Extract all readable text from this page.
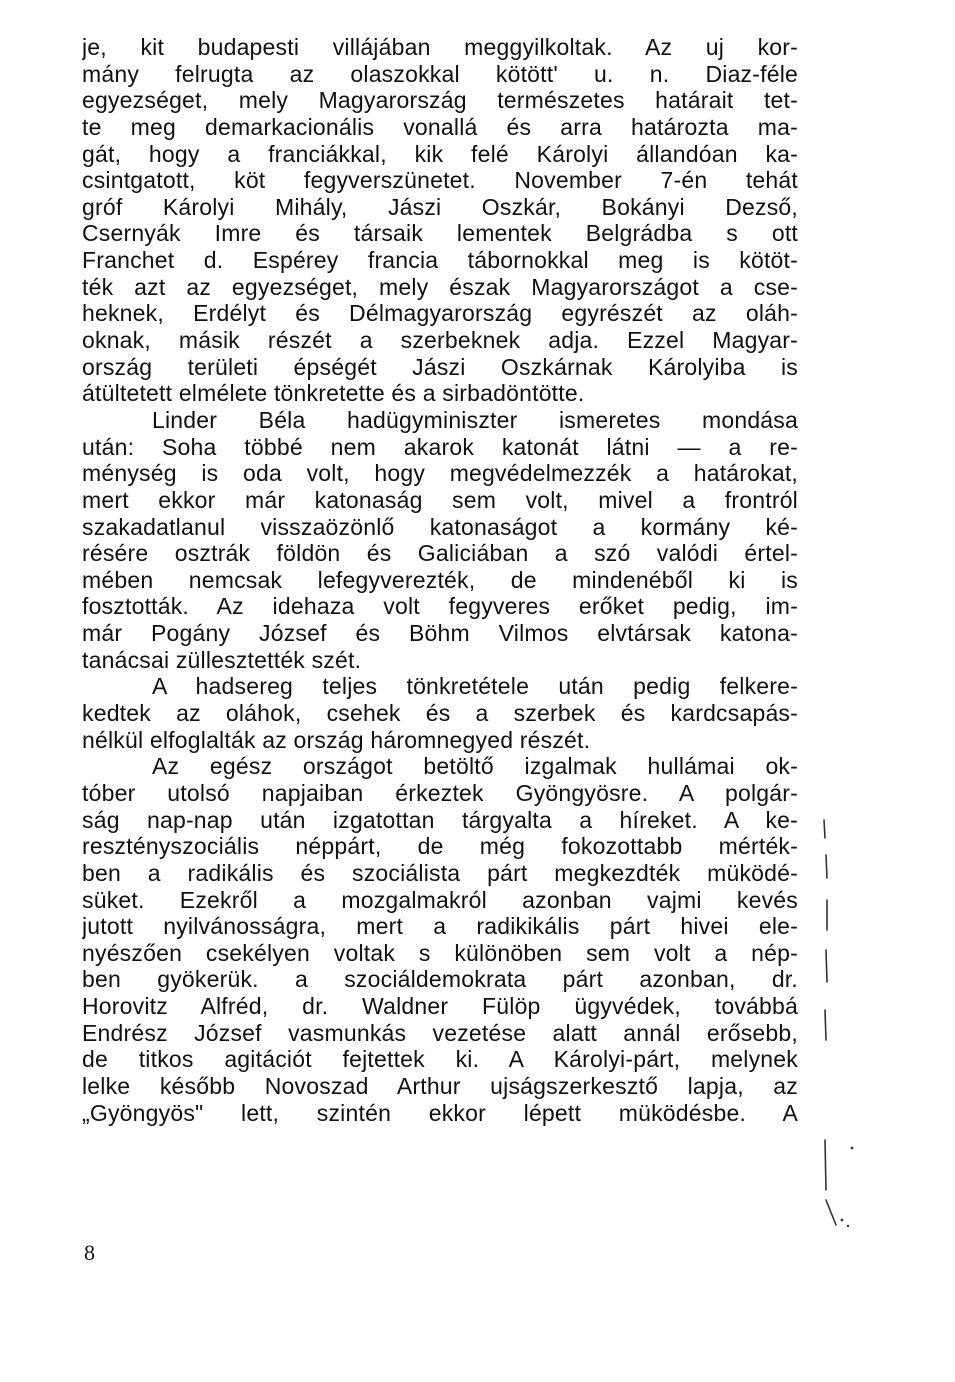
je, kit budapesti villájában meggyilkoltak. Az uj kor-
mány felrugta az olaszokkal kötött' u. n. Diaz-féle
egyezséget, mely Magyarország természetes határait tet-
te meg demarkacionális vonallá és arra határozta ma-
gát, hogy a franciákkal, kik felé Károlyi állandóan ka-
csintgatott, köt fegyverszünetet. November 7-én tehát
gróf Károlyi Mihály, Jászi Oszkár, Bokányi Dezső,
Csernyák Imre és társaik lementek Belgrádba s ott
Franchet d. Espérey francia tábornokkal meg is kötöt-
ték azt az egyezséget, mely észak Magyarországot a cse-
heknek, Erdélyt és Délmagyarország egyrészét az oláh-
oknak, másik részét a szerbeknek adja. Ezzel Magyar-
ország területi épségét Jászi Oszkárnak Károlyiba is
átültetett elmélete tönkretette és a sirbadöntötte.
Linder Béla hadügyminiszter ismeretes mondása
után: Soha többé nem akarok katonát látni — a re-
ménység is oda volt, hogy megvédelmezzék a határokat,
mert ekkor már katonaság sem volt, mivel a frontról
szakadatlanul visszaözönlő katonaságot a kormány ké-
résére osztrák földön és Galiciában a szó valódi értel-
mében nemcsak lefegyverezték, de mindenéből ki is
fosztották. Az idehaza volt fegyveres erőket pedig, im-
már Pogány József és Böhm Vilmos elvtársak katona-
tanácsai züllesztették szét.
A hadsereg teljes tönkretétele után pedig felkere-
kedtek az oláhok, csehek és a szerbek és kardcsapás-
nélkül elfoglalták az ország háromnegyed részét.
Az egész országot betöltő izgalmak hullámai ok-
tóber utolsó napjaiban érkeztek Gyöngyösre. A polgár-
ság nap-nap után izgatottan tárgyalta a híreket. A ke-
resztényszociális néppárt, de még fokozottabb mérték-
ben a radikális és szociálista párt megkezdték müködé-
süket. Ezekről a mozgalmakról azonban vajmi kevés
jutott nyilvánosságra, mert a radikikális párt hivei ele-
nyészően csekélyen voltak s különöben sem volt a nép-
ben gyökerük. a szociáldemokrata párt azonban, dr.
Horovitz Alfréd, dr. Waldner Fülöp ügyvédek, továbbá
Endrész József vasmunkás vezetése alatt annál erősebb,
de titkos agitációt fejtettek ki. A Károlyi-párt, melynek
lelke később Novoszad Arthur ujságszerkesztő lapja, az
„Gyöngyös" lett, szintén ekkor lépett müködésbe. A
8
